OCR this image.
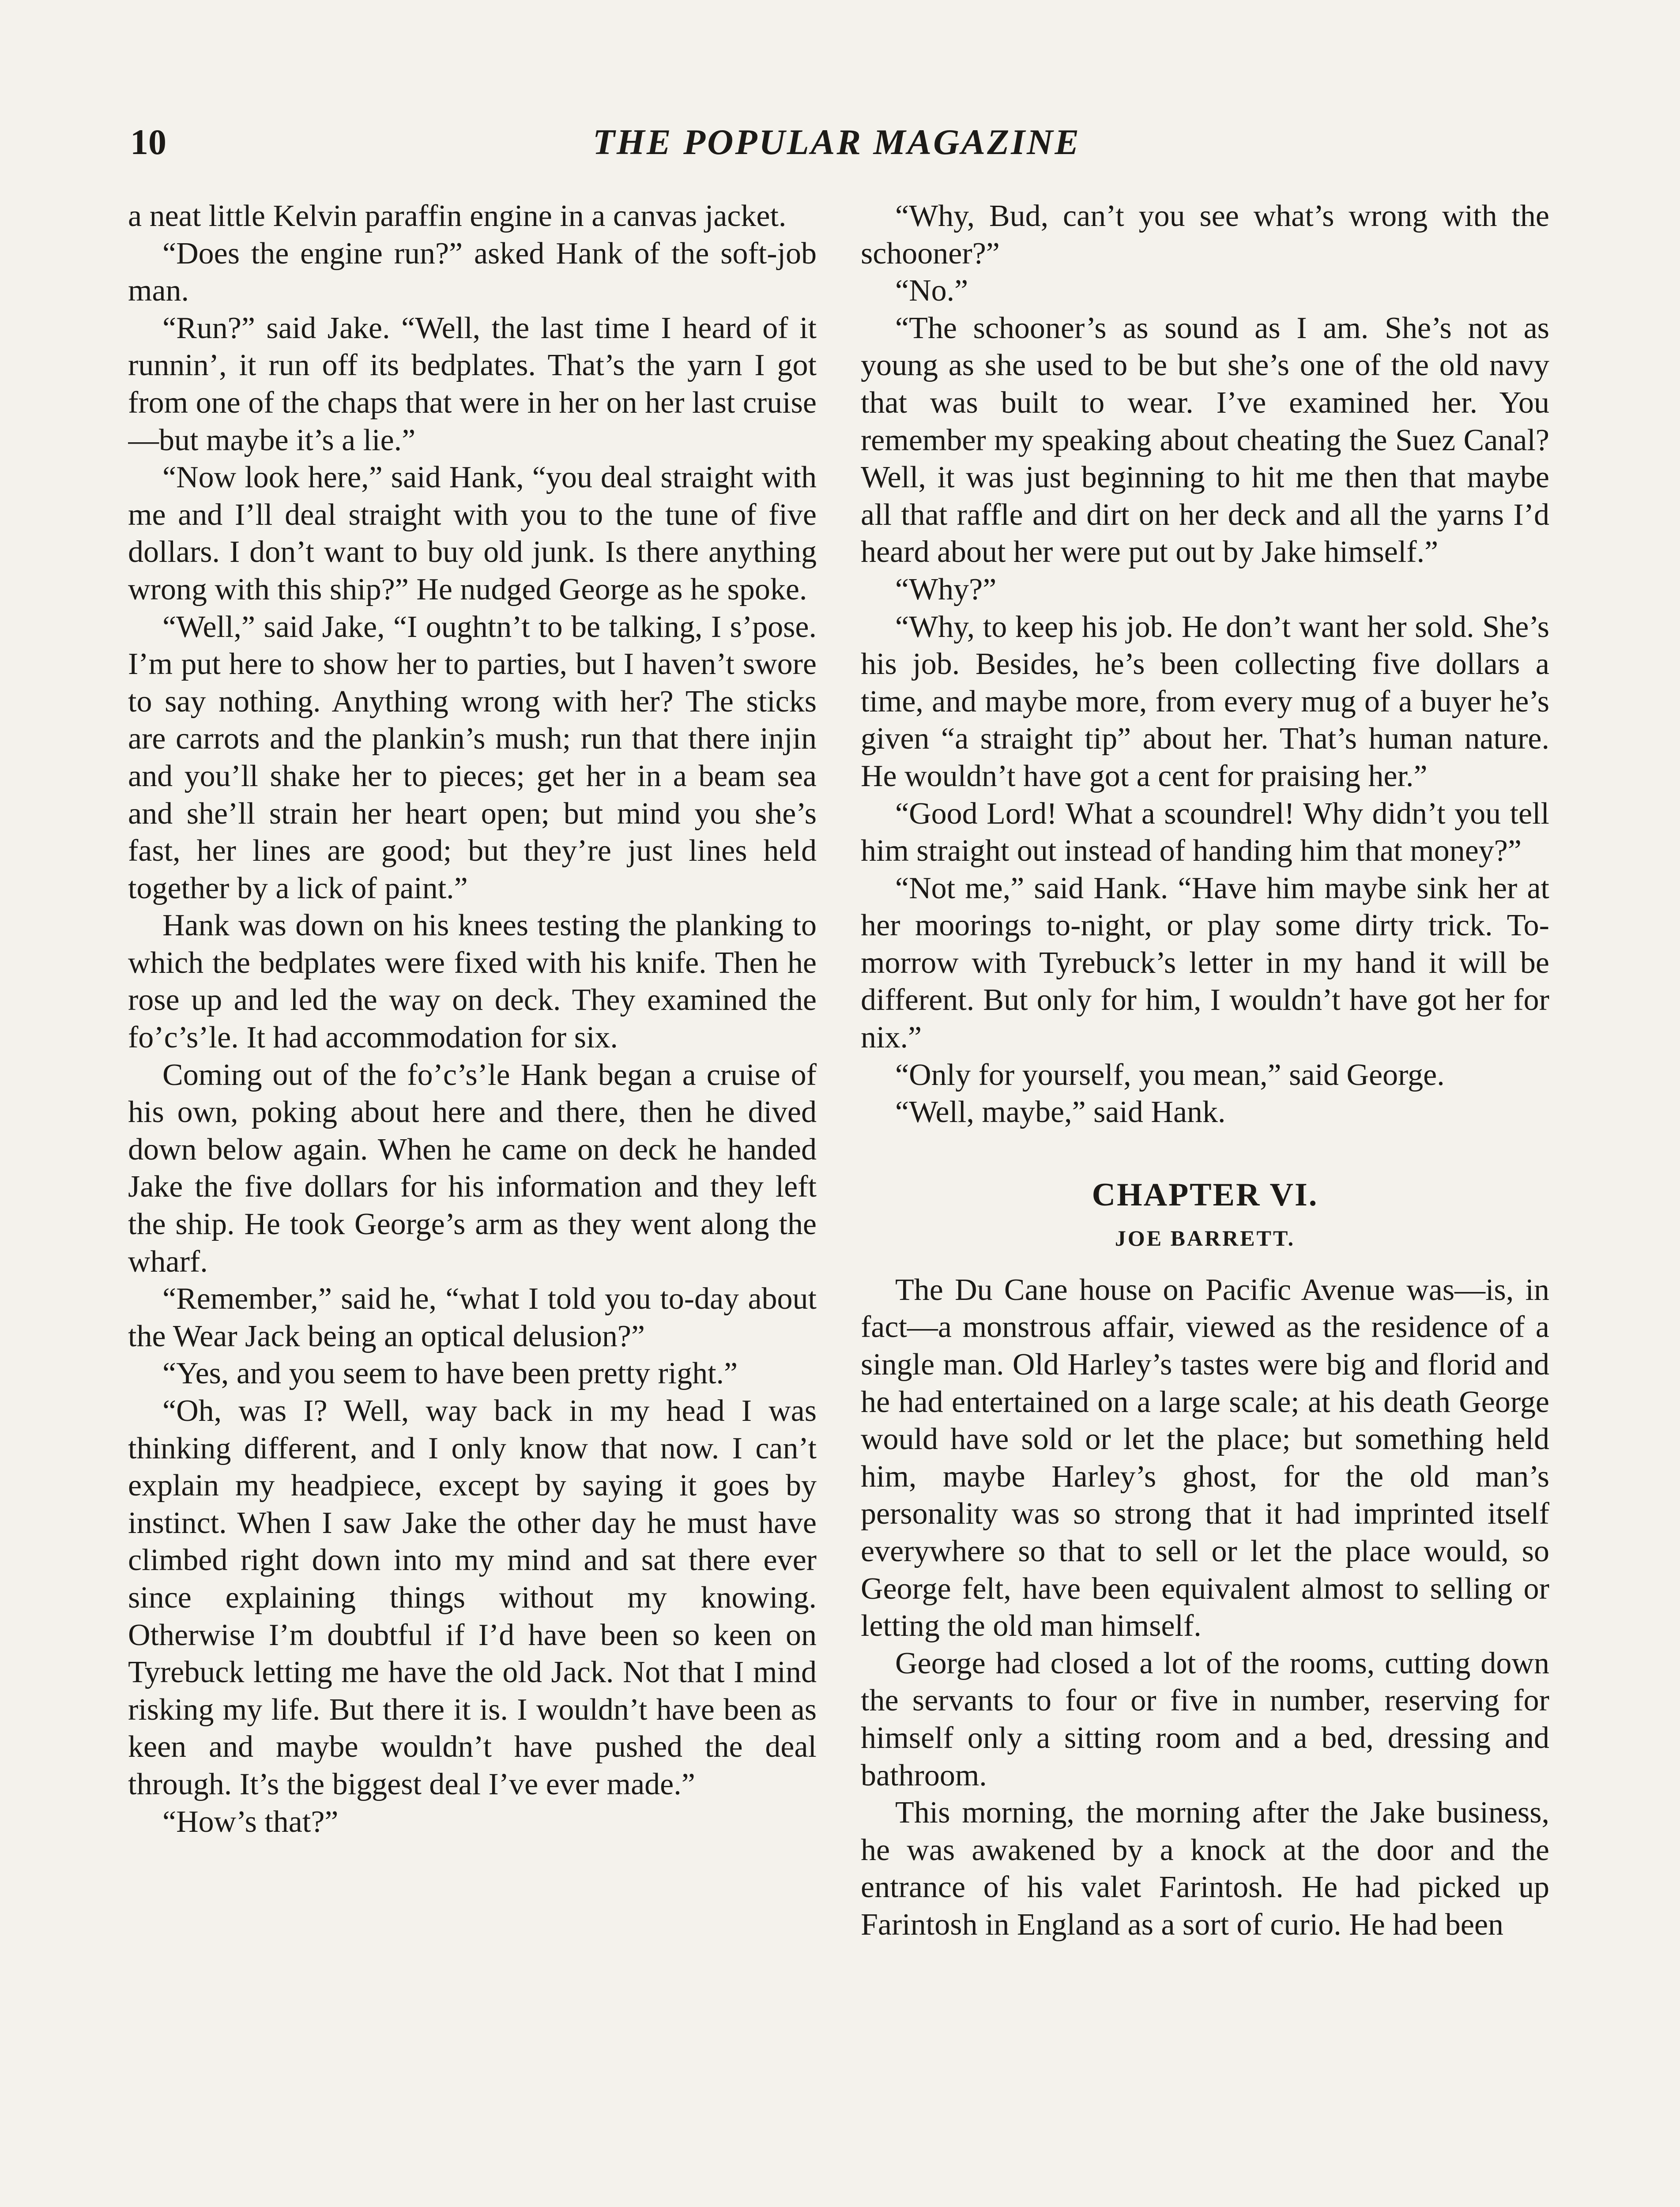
10	THE POPULAR MAGAZINE

a neat little Kelvin paraffin engine in a canvas jacket.

“Does the engine run?” asked Hank of the soft-job man.

“Run?” said Jake. “Well, the last time I heard of it runnin’, it run off its bedplates. That’s the yarn I got from one of the chaps that were in her on her last cruise—but maybe it’s a lie.”

“Now look here,” said Hank, “you deal straight with me and I’ll deal straight with you to the tune of five dollars. I don’t want to buy old junk. Is there anything wrong with this ship?” He nudged George as he spoke.

“Well,” said Jake, “I oughtn’t to be talking, I s’pose. I’m put here to show her to parties, but I haven’t swore to say nothing. Anything wrong with her? The sticks are carrots and the plankin’s mush; run that there injin and you’ll shake her to pieces; get her in a beam sea and she’ll strain her heart open; but mind you she’s fast, her lines are good; but they’re just lines held together by a lick of paint.”

Hank was down on his knees testing the planking to which the bedplates were fixed with his knife. Then he rose up and led the way on deck. They examined the fo’c’s’le. It had accommodation for six.

Coming out of the fo’c’s’le Hank began a cruise of his own, poking about here and there, then he dived down below again. When he came on deck he handed Jake the five dollars for his information and they left the ship. He took George’s arm as they went along the wharf.

“Remember,” said he, “what I told you to-day about the Wear Jack being an optical delusion?”

“Yes, and you seem to have been pretty right.”

“Oh, was I? Well, way back in my head I was thinking different, and I only know that now. I can’t explain my headpiece, except by saying it goes by instinct. When I saw Jake the other day he must have climbed right down into my mind and sat there ever since explaining things without my knowing. Otherwise I’m doubtful if I’d have been so keen on Tyrebuck letting me have the old Jack. Not that I mind risking my life. But there it is. I wouldn’t have been as keen and maybe wouldn’t have pushed the deal through. It’s the biggest deal I’ve ever made.”

“How’s that?”

“Why, Bud, can’t you see what’s wrong with the schooner?”

“No.”

“The schooner’s as sound as I am. She’s not as young as she used to be but she’s one of the old navy that was built to wear. I’ve examined her. You remember my speaking about cheating the Suez Canal? Well, it was just beginning to hit me then that maybe all that raffle and dirt on her deck and all the yarns I’d heard about her were put out by Jake himself.”

“Why?”

“Why, to keep his job. He don’t want her sold. She’s his job. Besides, he’s been collecting five dollars a time, and maybe more, from every mug of a buyer he’s given “a straight tip” about her. That’s human nature. He wouldn’t have got a cent for praising her.”

“Good Lord! What a scoundrel! Why didn’t you tell him straight out instead of handing him that money?”

“Not me,” said Hank. “Have him maybe sink her at her moorings to-night, or play some dirty trick. To-morrow with Tyrebuck’s letter in my hand it will be different. But only for him, I wouldn’t have got her for nix.”

“Only for yourself, you mean,” said George.

“Well, maybe,” said Hank.

CHAPTER VI.
JOE BARRETT.

The Du Cane house on Pacific Avenue was—is, in fact—a monstrous affair, viewed as the residence of a single man. Old Harley’s tastes were big and florid and he had entertained on a large scale; at his death George would have sold or let the place; but something held him, maybe Harley’s ghost, for the old man’s personality was so strong that it had imprinted itself everywhere so that to sell or let the place would, so George felt, have been equivalent almost to selling or letting the old man himself.

George had closed a lot of the rooms, cutting down the servants to four or five in number, reserving for himself only a sitting room and a bed, dressing and bathroom.

This morning, the morning after the Jake business, he was awakened by a knock at the door and the entrance of his valet Farintosh. He had picked up Farintosh in England as a sort of curio. He had been
